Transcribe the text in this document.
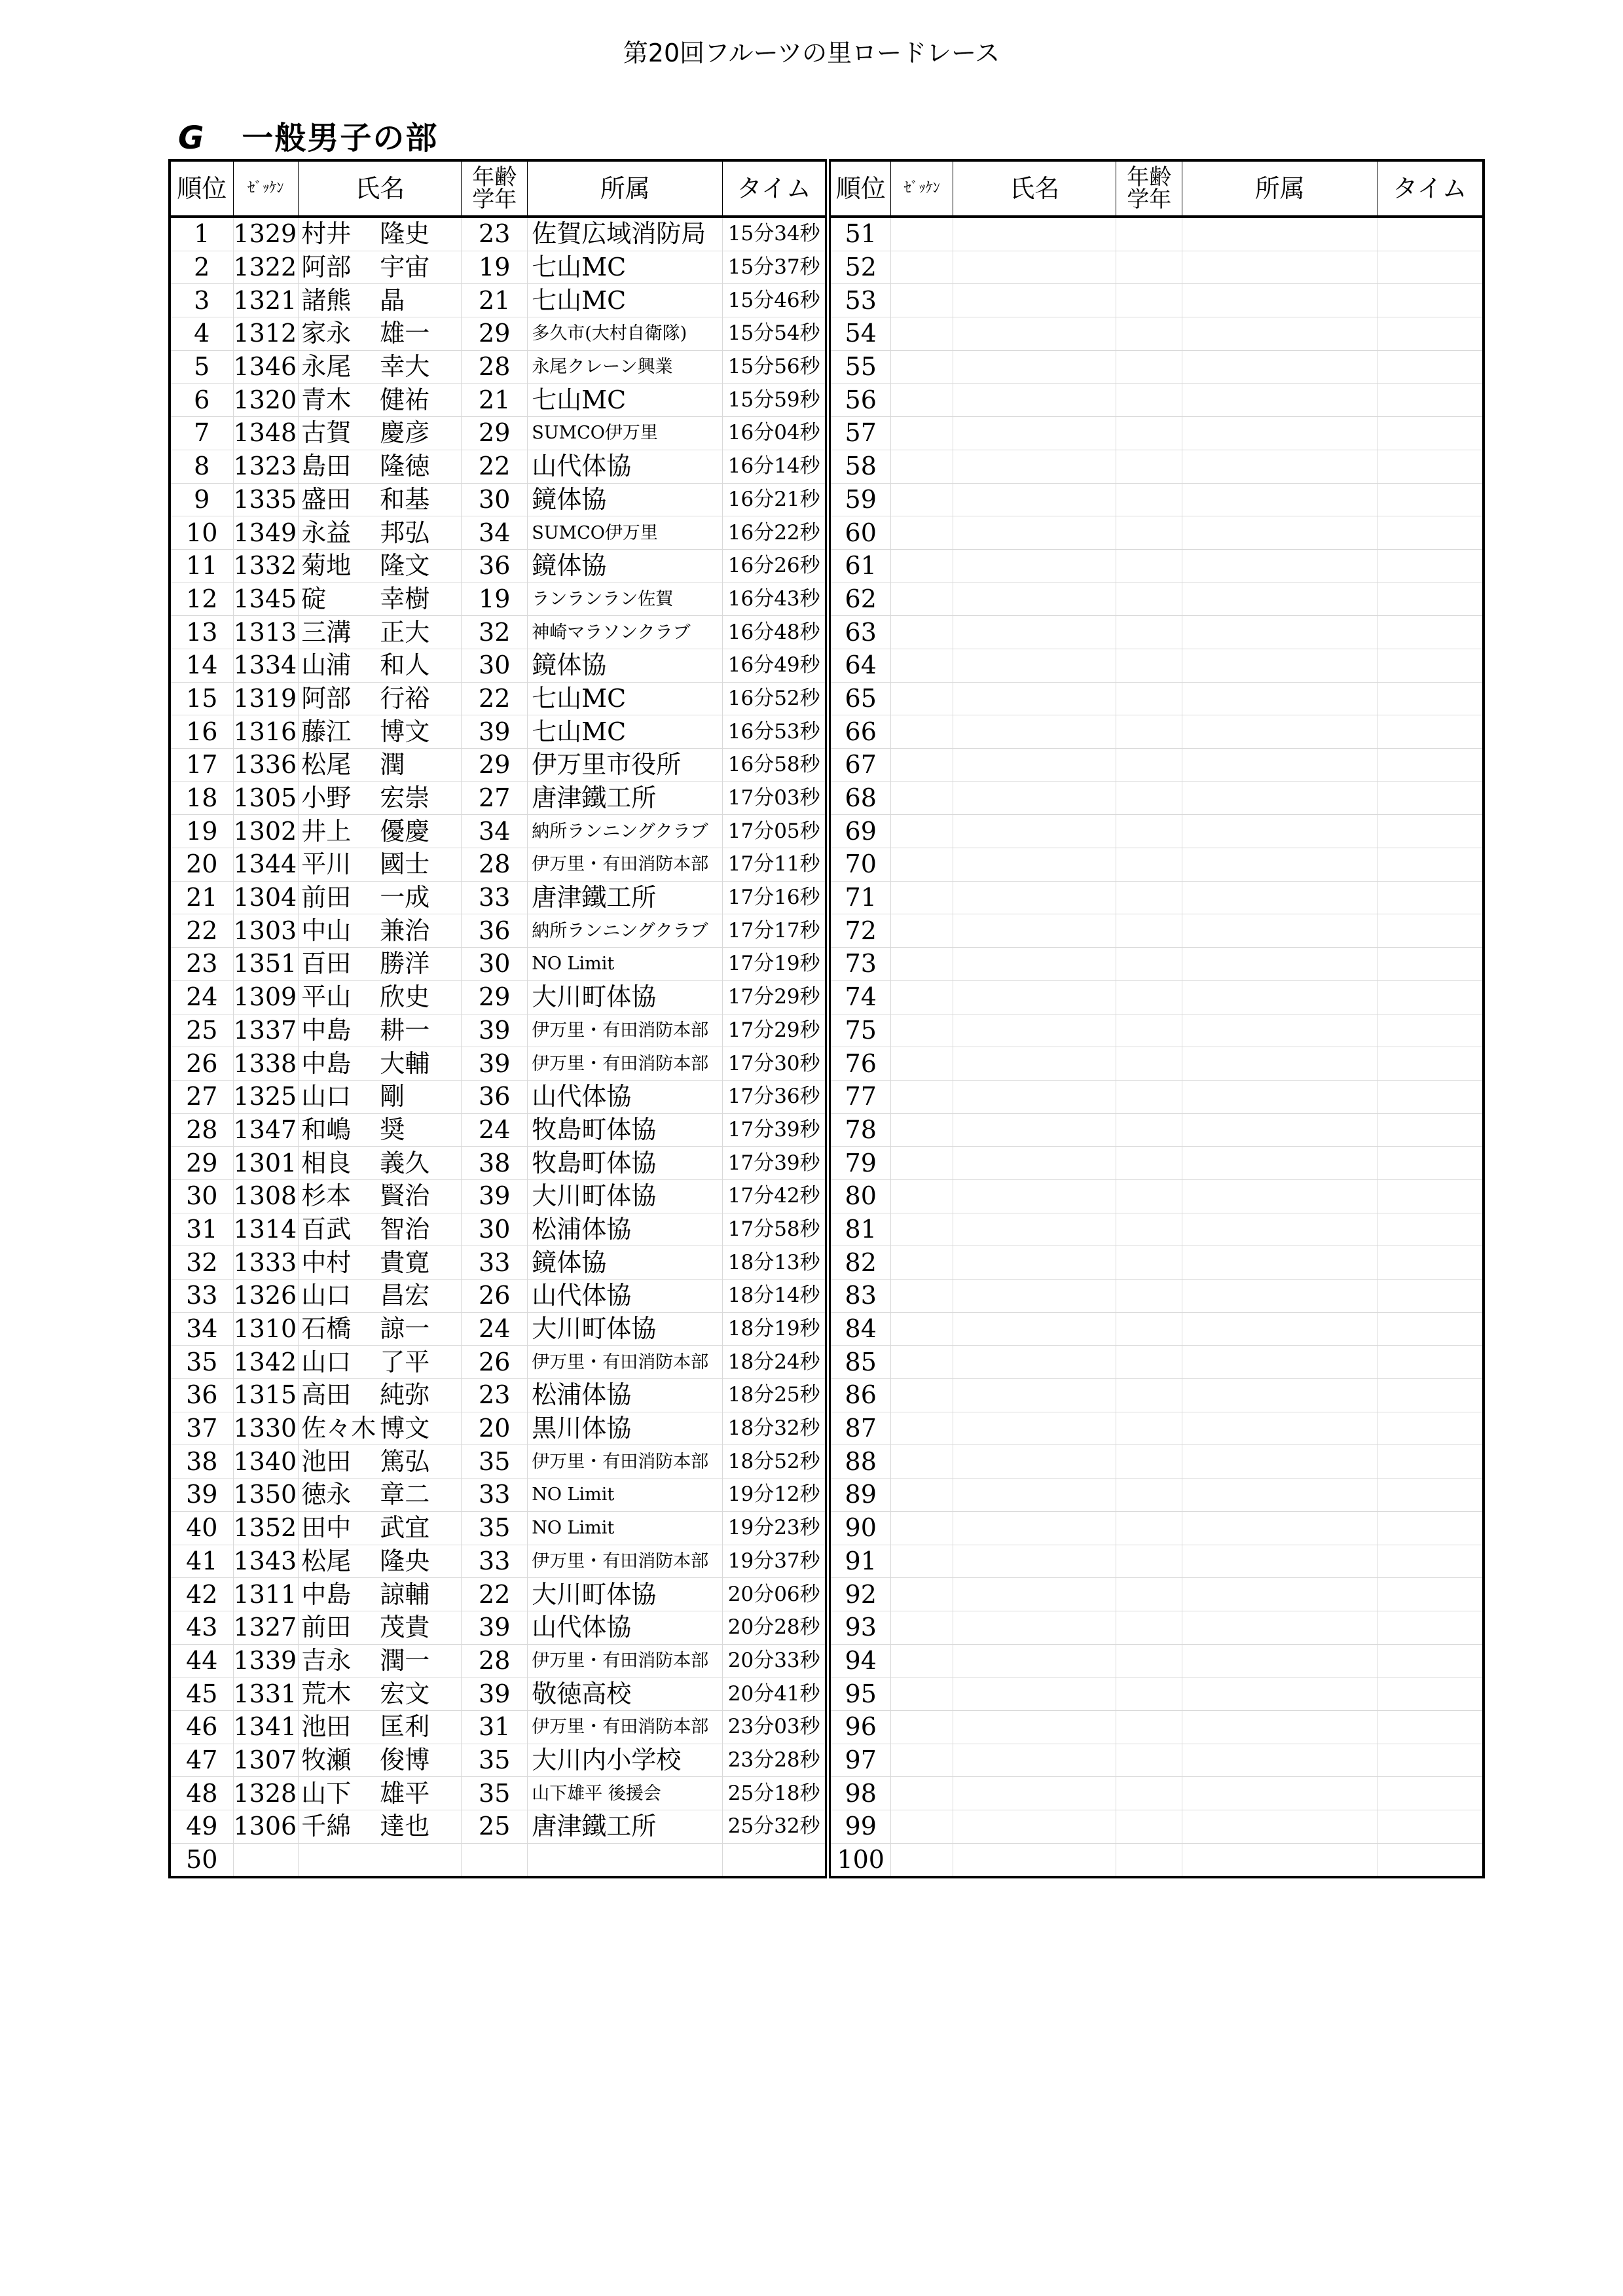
第20回フルーツの里ロードレース
G 一般男子の部
順位	ｾﾞｯｹﾝ	氏名	年齢
学年	所属	タイム	順位	ｾﾞｯｹﾝ	氏名	年齢
学年	所属	タイム
1	1329	村井 隆史	23	佐賀広域消防局	15分34秒	51					
2	1322	阿部 宇宙	19	七山MC	15分37秒	52					
3	1321	諸熊 晶	21	七山MC	15分46秒	53					
4	1312	家永 雄一	29	多久市(大村自衛隊)	15分54秒	54					
5	1346	永尾 幸大	28	永尾クレーン興業	15分56秒	55					
6	1320	青木 健祐	21	七山MC	15分59秒	56					
7	1348	古賀 慶彦	29	SUMCO伊万里	16分04秒	57					
8	1323	島田 隆徳	22	山代体協	16分14秒	58					
9	1335	盛田 和基	30	鏡体協	16分21秒	59					
10	1349	永益 邦弘	34	SUMCO伊万里	16分22秒	60					
11	1332	菊地 隆文	36	鏡体協	16分26秒	61					
12	1345	碇 幸樹	19	ランランラン佐賀	16分43秒	62					
13	1313	三溝 正大	32	神崎マラソンクラブ	16分48秒	63					
14	1334	山浦 和人	30	鏡体協	16分49秒	64					
15	1319	阿部 行裕	22	七山MC	16分52秒	65					
16	1316	藤江 博文	39	七山MC	16分53秒	66					
17	1336	松尾 潤	29	伊万里市役所	16分58秒	67					
18	1305	小野 宏崇	27	唐津鐵工所	17分03秒	68					
19	1302	井上 優慶	34	納所ランニングクラブ	17分05秒	69					
20	1344	平川 國士	28	伊万里・有田消防本部	17分11秒	70					
21	1304	前田 一成	33	唐津鐵工所	17分16秒	71					
22	1303	中山 兼治	36	納所ランニングクラブ	17分17秒	72					
23	1351	百田 勝洋	30	NO Limit	17分19秒	73					
24	1309	平山 欣史	29	大川町体協	17分29秒	74					
25	1337	中島 耕一	39	伊万里・有田消防本部	17分29秒	75					
26	1338	中島 大輔	39	伊万里・有田消防本部	17分30秒	76					
27	1325	山口 剛	36	山代体協	17分36秒	77					
28	1347	和嶋 奨	24	牧島町体協	17分39秒	78					
29	1301	相良 義久	38	牧島町体協	17分39秒	79					
30	1308	杉本 賢治	39	大川町体協	17分42秒	80					
31	1314	百武 智治	30	松浦体協	17分58秒	81					
32	1333	中村 貴寛	33	鏡体協	18分13秒	82					
33	1326	山口 昌宏	26	山代体協	18分14秒	83					
34	1310	石橋 諒一	24	大川町体協	18分19秒	84					
35	1342	山口 了平	26	伊万里・有田消防本部	18分24秒	85					
36	1315	高田 純弥	23	松浦体協	18分25秒	86					
37	1330	佐々木 博文	20	黒川体協	18分32秒	87					
38	1340	池田 篤弘	35	伊万里・有田消防本部	18分52秒	88					
39	1350	徳永 章二	33	NO Limit	19分12秒	89					
40	1352	田中 武宜	35	NO Limit	19分23秒	90					
41	1343	松尾 隆央	33	伊万里・有田消防本部	19分37秒	91					
42	1311	中島 諒輔	22	大川町体協	20分06秒	92					
43	1327	前田 茂貴	39	山代体協	20分28秒	93					
44	1339	吉永 潤一	28	伊万里・有田消防本部	20分33秒	94					
45	1331	荒木 宏文	39	敬徳高校	20分41秒	95					
46	1341	池田 匡利	31	伊万里・有田消防本部	23分03秒	96					
47	1307	牧瀬 俊博	35	大川内小学校	23分28秒	97					
48	1328	山下 雄平	35	山下雄平 後援会	25分18秒	98					
49	1306	千綿 達也	25	唐津鐵工所	25分32秒	99					
50						100					
